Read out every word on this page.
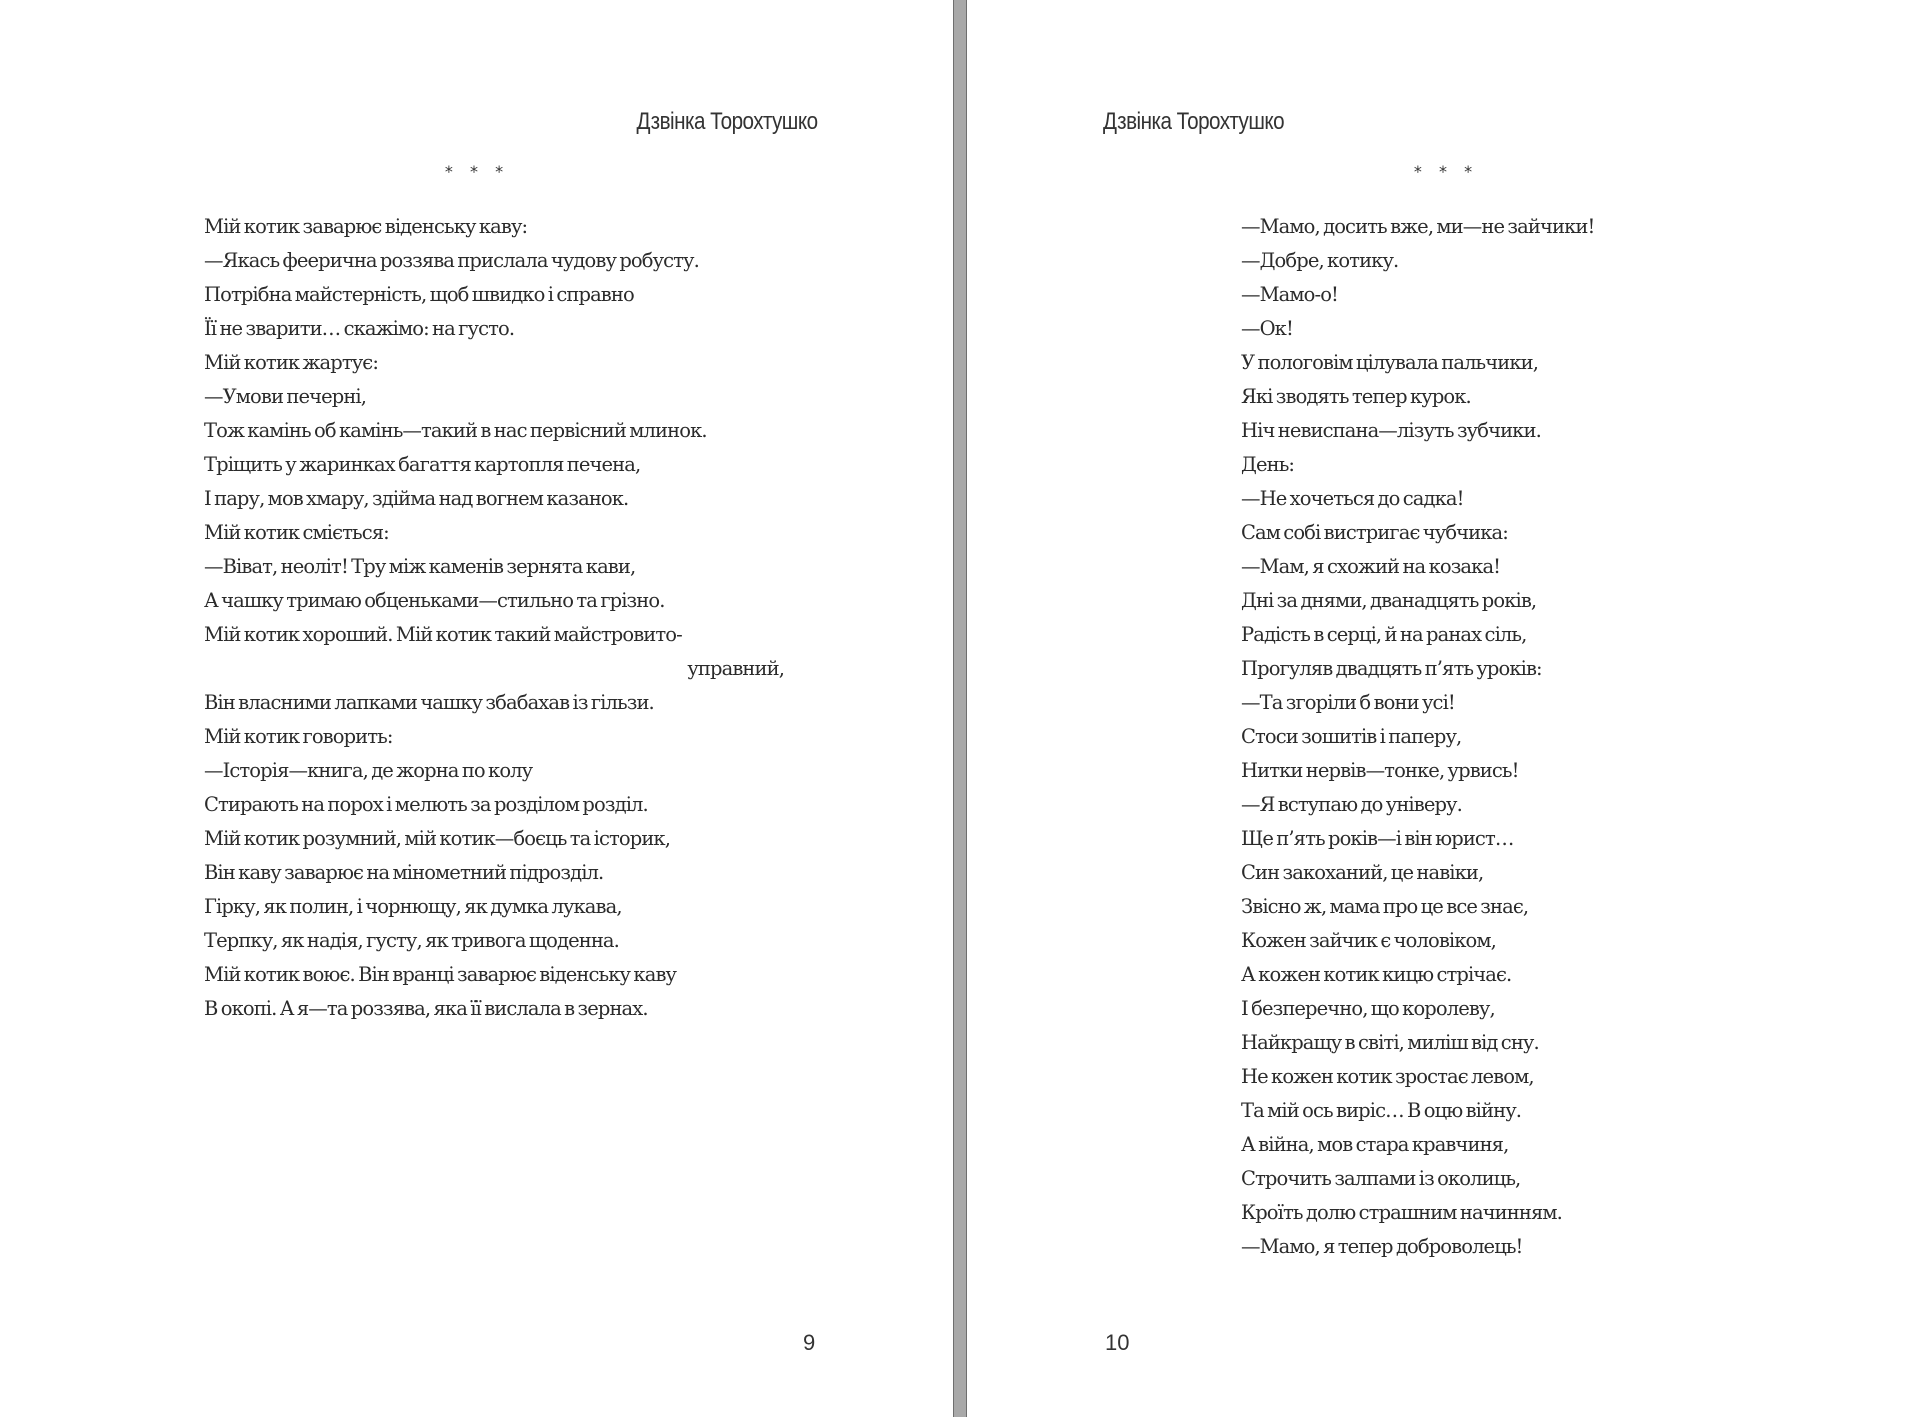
Дзвінка Торохтушко
* * *
Мій котик заварює віденську каву:
—Якась феерична роззява прислала чудову робусту.
Потрібна майстерність, щоб швидко і справно
Її не зварити… скажімо: на густо.
Мій котик жартує:
—Умови печерні,
Тож камінь об камінь—такий в нас первісний млинок.
Тріщить у жаринках багаття картопля печена,
І пару, мов хмару, здійма над вогнем казанок.
Мій котик сміється:
—Віват, неоліт! Тру між каменів зернята кави,
А чашку тримаю обценьками—стильно та грізно.
Мій котик хороший. Мій котик такий майстровито-
управний,
Він власними лапками чашку збабахав із гільзи.
Мій котик говорить:
—Історія—книга, де жорна по колу
Стирають на порох і мелють за розділом розділ.
Мій котик розумний, мій котик—боєць та історик,
Він каву заварює на мінометний підрозділ.
Гірку, як полин, і чорнющу, як думка лукава,
Терпку, як надія, густу, як тривога щоденна.
Мій котик воює. Він вранці заварює віденську каву
В окопі. А я—та роззява, яка її вислала в зернах.
9
Дзвінка Торохтушко
* * *
—Мамо, досить вже, ми—не зайчики!
—Добре, котику.
—Мамо-о!
—Ок!
У пологовім цілувала пальчики,
Які зводять тепер курок.
Ніч невиспана—лізуть зубчики.
День:
—Не хочеться до садка!
Сам собі вистригає чубчика:
—Мам, я схожий на козака!
Дні за днями, дванадцять років,
Радість в серці, й на ранах сіль,
Прогуляв двадцять п’ять уроків:
—Та згоріли б вони усі!
Стоси зошитів і паперу,
Нитки нервів—тонке, урвись!
—Я вступаю до універу.
Ще п’ять років—і він юрист…
Син закоханий, це навіки,
Звісно ж, мама про це все знає,
Кожен зайчик є чоловіком,
А кожен котик кицю стрічає.
І безперечно, що королеву,
Найкращу в світі, миліш від сну.
Не кожен котик зростає левом,
Та мій ось виріс… В оцю війну.
А війна, мов стара кравчиня,
Строчить залпами із околиць,
Кроїть долю страшним начинням.
—Мамо, я тепер доброволець!
10
